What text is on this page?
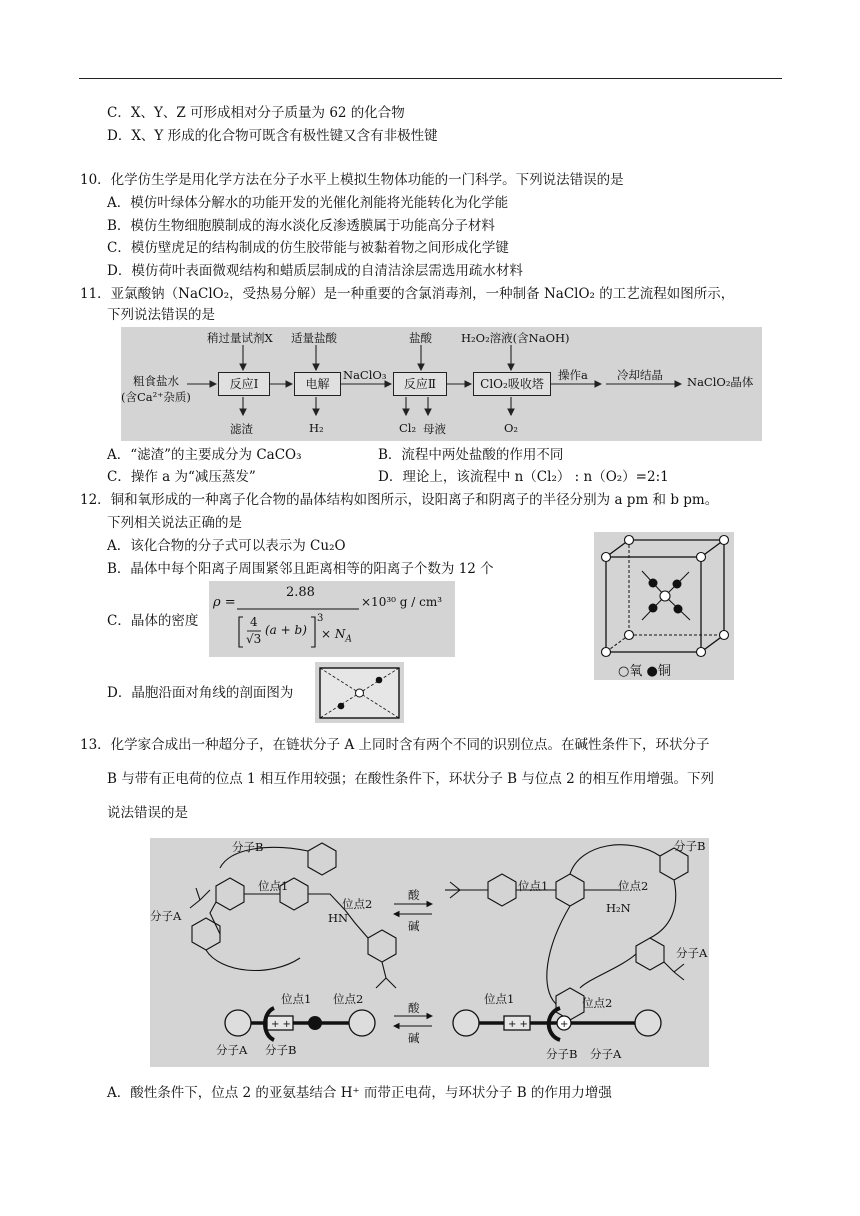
C．X、Y、Z 可形成相对分子质量为 62 的化合物
D．X、Y 形成的化合物可既含有极性键又含有非极性键
10．化学仿生学是用化学方法在分子水平上模拟生物体功能的一门科学。下列说法错误的是
A．模仿叶绿体分解水的功能开发的光催化剂能将光能转化为化学能
B．模仿生物细胞膜制成的海水淡化反渗透膜属于功能高分子材料
C．模仿壁虎足的结构制成的仿生胶带能与被黏着物之间形成化学键
D．模仿荷叶表面微观结构和蜡质层制成的自清洁涂层需选用疏水材料
11．亚氯酸钠（NaClO₂，受热易分解）是一种重要的含氯消毒剂，一种制备 NaClO₂ 的工艺流程如图所示，
下列说法错误的是
稍过量试剂X 适量盐酸	盐酸	H₂O₂溶液(含NaOH)
粗食盐水
(含Ca²⁺杂质)
反应Ⅰ	电解
NaClO₃
反应Ⅱ	ClO₂吸收塔
操作a	冷却结晶 NaClO₂晶体
滤渣	H₂	Cl₂ 母液	O₂
A．“滤渣”的主要成分为 CaCO₃	B．流程中两处盐酸的作用不同
C．操作 a 为“减压蒸发”	D．理论上，该流程中 n（Cl₂） : n（O₂）=2:1
12．铜和氧形成的一种离子化合物的晶体结构如图所示，设阳离子和阴离子的半径分别为 a pm 和 b pm。
下列相关说法正确的是
A．该化合物的分子式可以表示为 Cu₂O
B．晶体中每个阳离子周围紧邻且距离相等的阳离子个数为 12 个
C．晶体的密度
ρ =
2.88
×10³⁰ g / cm³
4
√3
(a + b)
3
× $N_A$
D．晶胞沿面对角线的剖面图为
○氧 ●铜
13．化学家合成出一种超分子，在链状分子 A 上同时含有两个不同的识别位点。在碱性条件下，环状分子
B 与带有正电荷的位点 1 相互作用较强；在酸性条件下，环状分子 B 与位点 2 的相互作用增强。下列
说法错误的是
+ +	+ +	+
分子B
分子A
位点1
位点2
HN
酸
碱
位点1	位点2
H₂N
分子B
分子A
位点1 位点2
分子A 分子B
酸
碱
位点1	位点2
分子B 分子A
A．酸性条件下，位点 2 的亚氨基结合 H⁺ 而带正电荷，与环状分子 B 的作用力增强
